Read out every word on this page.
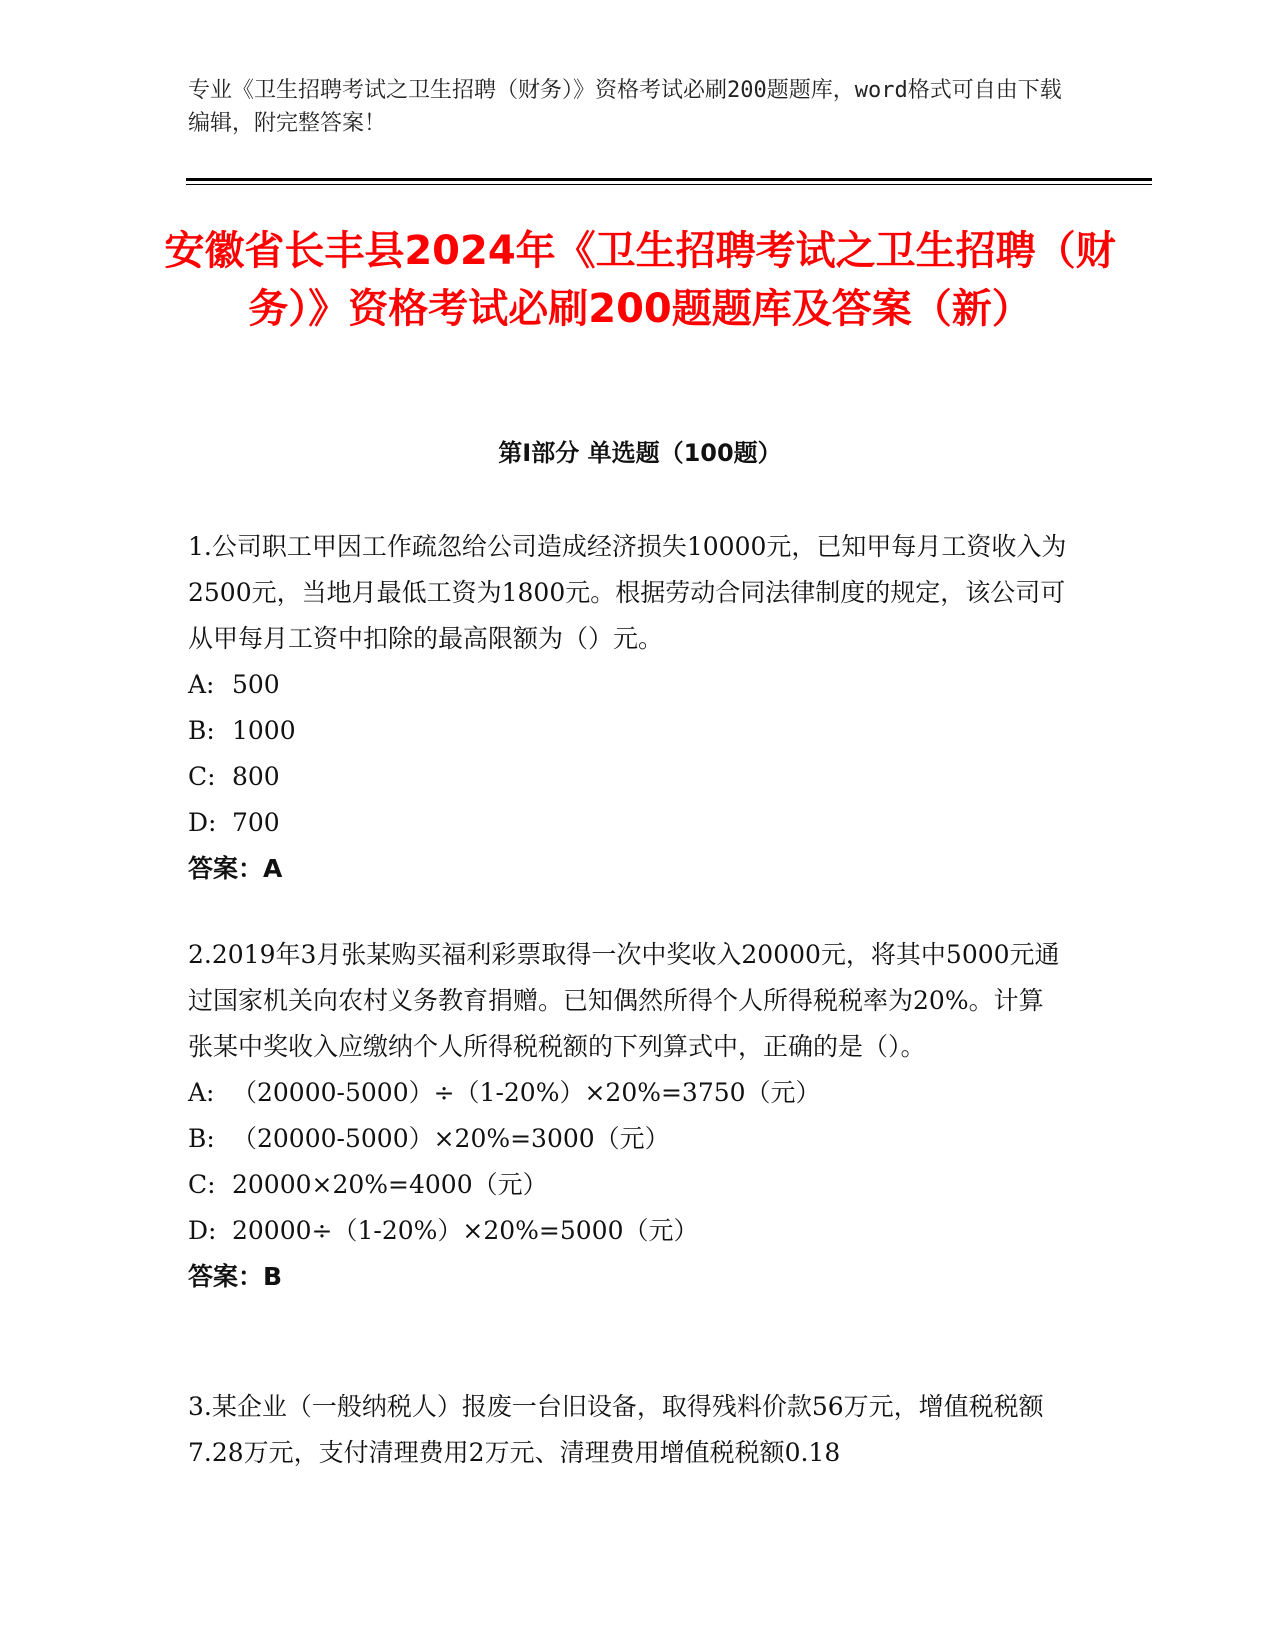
专业《卫生招聘考试之卫生招聘（财务）》资格考试必刷200题题库，word格式可自由下载编辑，附完整答案！

安徽省长丰县2024年《卫生招聘考试之卫生招聘（财务）》资格考试必刷200题题库及答案（新）
第I部分 单选题（100题）

1.公司职工甲因工作疏忽给公司造成经济损失10000元，已知甲每月工资收入为2500元，当地月最低工资为1800元。根据劳动合同法律制度的规定，该公司可从甲每月工资中扣除的最高限额为（）元。

A: 500

B: 1000

C: 800

D: 700

答案：A

2.2019年3月张某购买福利彩票取得一次中奖收入20000元，将其中5000元通过国家机关向农村义务教育捐赠。已知偶然所得个人所得税税率为20%。计算张某中奖收入应缴纳个人所得税税额的下列算式中，正确的是（）。

A: （20000-5000）÷（1-20%）×20%=3750（元）

B: （20000-5000）×20%=3000（元）

C: 20000×20%=4000（元）

D: 20000÷（1-20%）×20%=5000（元）

答案：B

3.某企业（一般纳税人）报废一台旧设备，取得残料价款56万元，增值税税额7.28万元，支付清理费用2万元、清理费用增值税税额0.18
